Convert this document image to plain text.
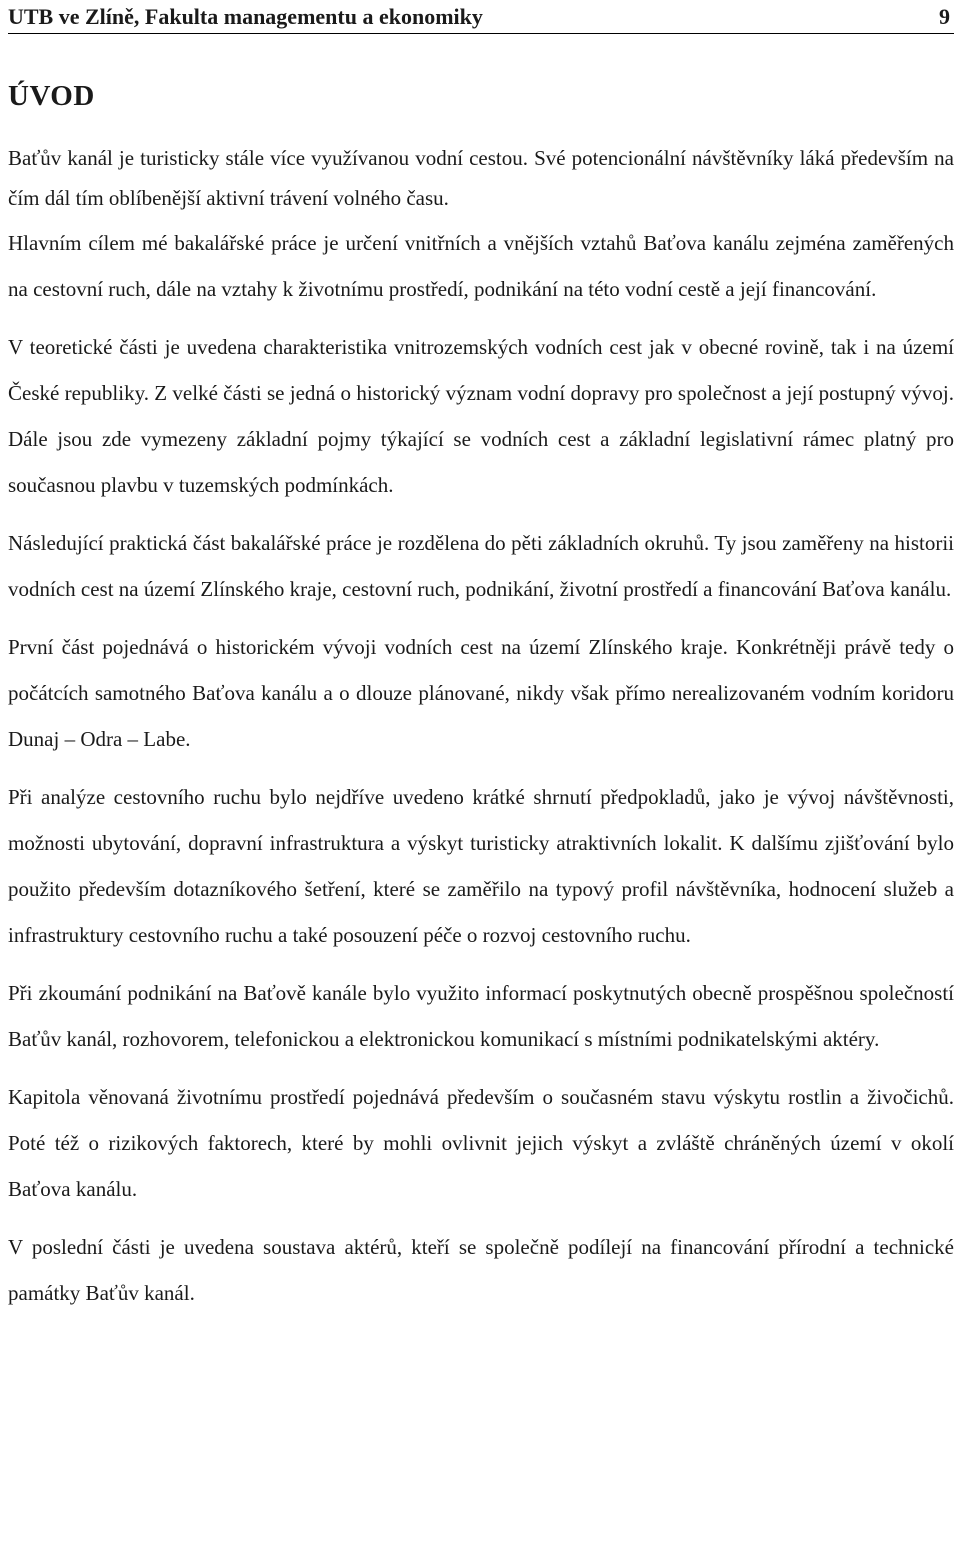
UTB ve Zlíně, Fakulta managementu a ekonomiky	9
ÚVOD

Baťův kanál je turisticky stále více využívanou vodní cestou. Své potencionální návštěvníky láká především na čím dál tím oblíbenější aktivní trávení volného času.

Hlavním cílem mé bakalářské práce je určení vnitřních a vnějších vztahů Baťova kanálu zejména zaměřených na cestovní ruch, dále na vztahy k životnímu prostředí, podnikání na této vodní cestě a její financování.

V teoretické části je uvedena charakteristika vnitrozemských vodních cest jak v obecné rovině, tak i na území České republiky. Z velké části se jedná o historický význam vodní dopravy pro společnost a její postupný vývoj. Dále jsou zde vymezeny základní pojmy týkající se vodních cest a základní legislativní rámec platný pro současnou plavbu v tuzemských podmínkách.

Následující praktická část bakalářské práce je rozdělena do pěti základních okruhů. Ty jsou zaměřeny na historii vodních cest na území Zlínského kraje, cestovní ruch, podnikání, životní prostředí a financování Baťova kanálu.

První část pojednává o historickém vývoji vodních cest na území Zlínského kraje. Konkrétněji právě tedy o počátcích samotného Baťova kanálu a o dlouze plánované, nikdy však přímo nerealizovaném vodním koridoru Dunaj – Odra – Labe.

Při analýze cestovního ruchu bylo nejdříve uvedeno krátké shrnutí předpokladů, jako je vývoj návštěvnosti, možnosti ubytování, dopravní infrastruktura a výskyt turisticky atraktivních lokalit. K dalšímu zjišťování bylo použito především dotazníkového šetření, které se zaměřilo na typový profil návštěvníka, hodnocení služeb a infrastruktury cestovního ruchu a také posouzení péče o rozvoj cestovního ruchu.

Při zkoumání podnikání na Baťově kanále bylo využito informací poskytnutých obecně prospěšnou společností Baťův kanál, rozhovorem, telefonickou a elektronickou komunikací s místními podnikatelskými aktéry.

Kapitola věnovaná životnímu prostředí pojednává především o současném stavu výskytu rostlin a živočichů. Poté též o rizikových faktorech, které by mohli ovlivnit jejich výskyt a zvláště chráněných území v okolí Baťova kanálu.

V poslední části je uvedena soustava aktérů, kteří se společně podílejí na financování přírodní a technické památky Baťův kanál.
